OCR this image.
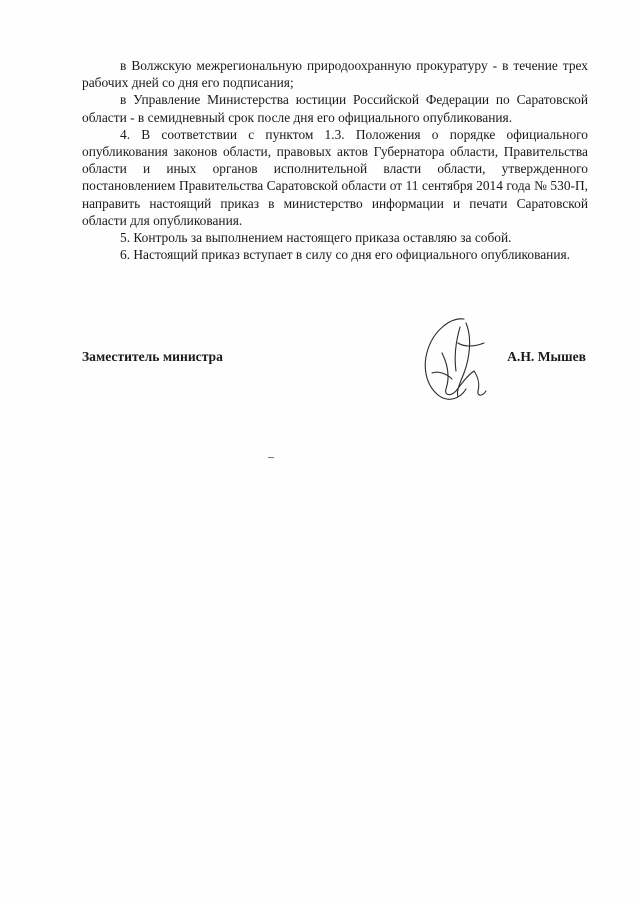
в Волжскую межрегиональную природоохранную прокуратуру - в течение трех рабочих дней со дня его подписания;

в Управление Министерства юстиции Российской Федерации по Саратовской области - в семидневный срок после дня его официального опубликования.

4. В соответствии с пунктом 1.3. Положения о порядке официального опубликования законов области, правовых актов Губернатора области, Правительства области и иных органов исполнительной власти области, утвержденного постановлением Правительства Саратовской области от 11 сентября 2014 года № 530-П, направить настоящий приказ в министерство информации и печати Саратовской области для опубликования.

5. Контроль за выполнением настоящего приказа оставляю за собой.

6. Настоящий приказ вступает в силу со дня его официального опубликования.

Заместитель министра	А.Н. Мышев
